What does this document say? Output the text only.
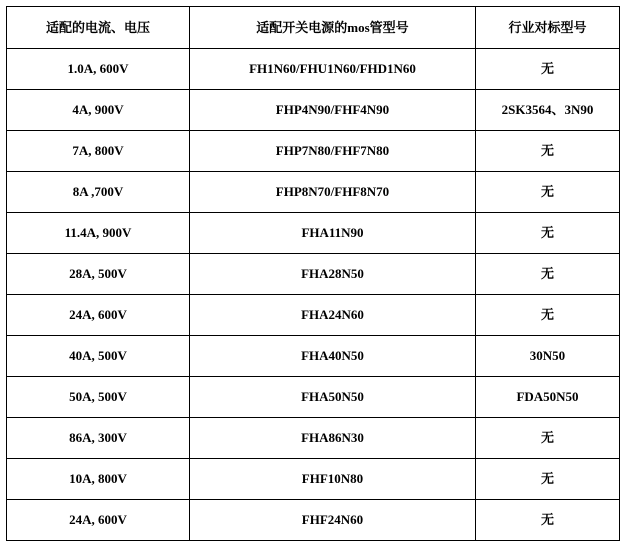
适配的电流、电压	适配开关电源的mos管型号	行业对标型号
1.0A, 600V	FH1N60/FHU1N60/FHD1N60	无
4A, 900V	FHP4N90/FHF4N90	2SK3564、3N90
7A, 800V	FHP7N80/FHF7N80	无
8A ,700V	FHP8N70/FHF8N70	无
11.4A, 900V	FHA11N90	无
28A, 500V	FHA28N50	无
24A, 600V	FHA24N60	无
40A, 500V	FHA40N50	30N50
50A, 500V	FHA50N50	FDA50N50
86A, 300V	FHA86N30	无
10A, 800V	FHF10N80	无
24A, 600V	FHF24N60	无
